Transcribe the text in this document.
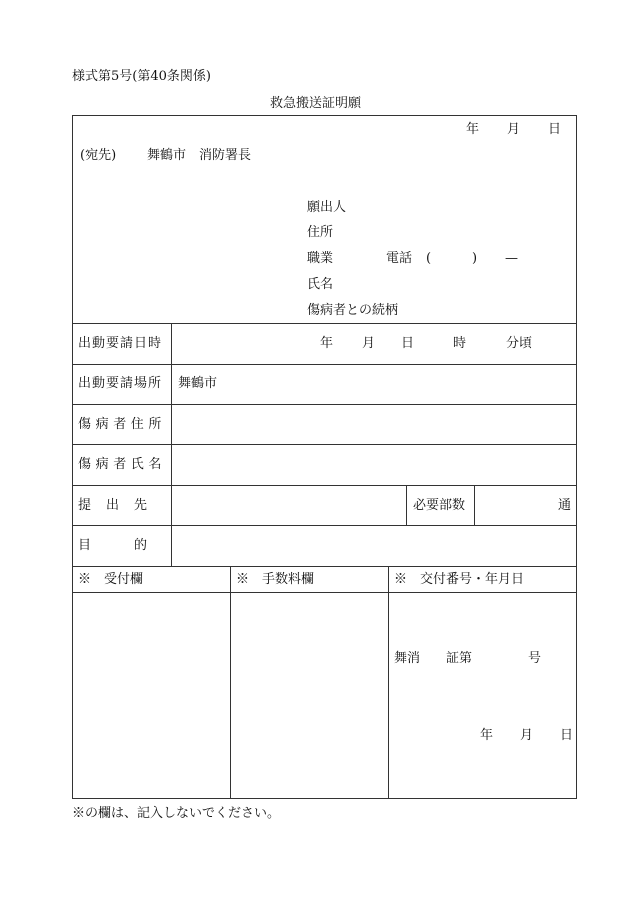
様式第5号(第40条関係)
救急搬送証明願
年 月 日
(宛先) 舞鶴市　消防署長
願出人
住所
職業	電話 (	) —
氏名
傷病者との続柄
出動要請日時	年 月 日	時	分頃
出動要請場所 舞鶴市
傷病者住所
傷病者氏名
提　出　先	必要部数	通
目　　　的
※　受付欄	※　手数料欄	※　交付番号・年月日
舞消 証第	号
年 月 日
※の欄は、記入しないでください。
